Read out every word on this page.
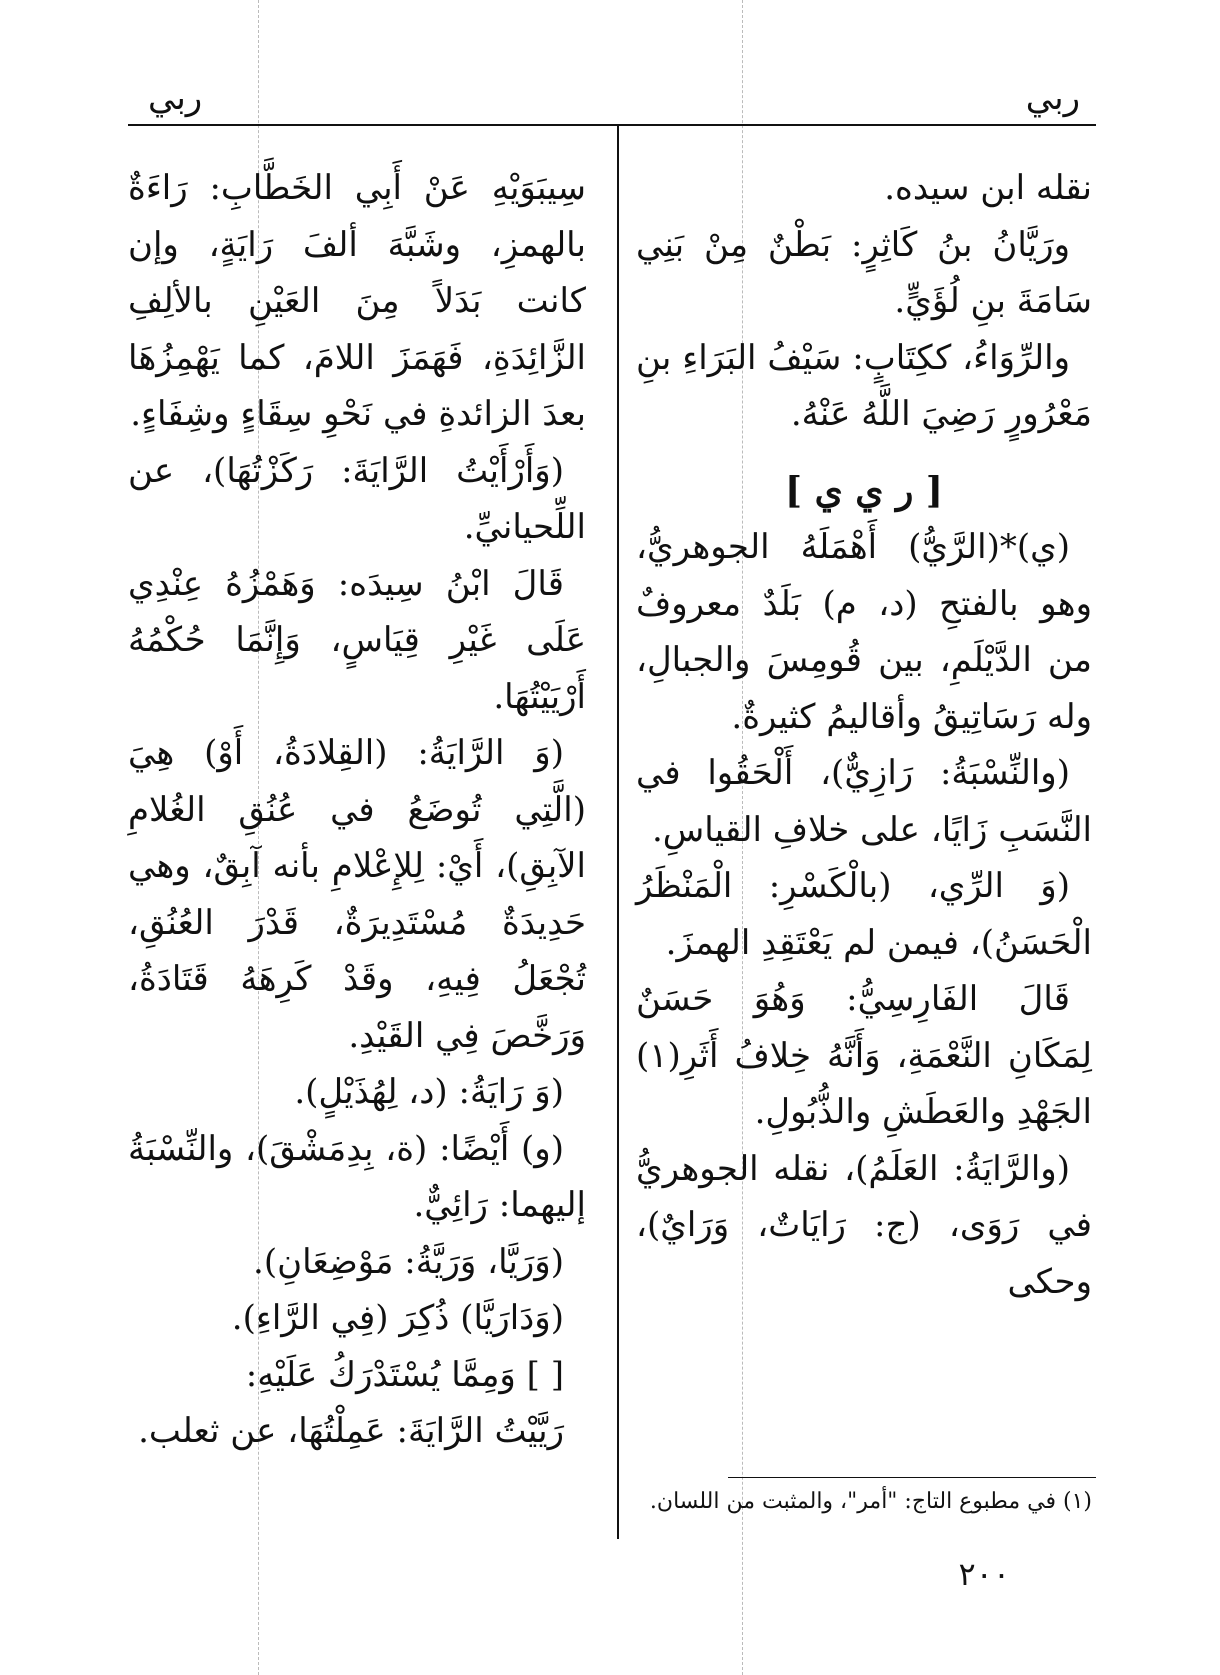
ربي
ربي

نقله ابن سيده.

ورَيَّانُ بنُ كَاثِرٍ: بَطْنٌ مِنْ بَنِي سَامَةَ بنِ لُؤَيٍّ.

والرِّوَاءُ، ككِتَابٍ: سَيْفُ البَرَاءِ بنِ مَعْرُورٍ رَضِيَ اللَّهُ عَنْهُ.

[ ر ي ي ]

(ي)*(الرَّيُّ) أَهْمَلَهُ الجوهريُّ، وهو بالفتحِ (د، م) بَلَدٌ معروفٌ من الدَّيْلَمِ، بين قُومِسَ والجبالِ، وله رَسَاتِيقُ وأقاليمُ كثيرةٌ.

(والنِّسْبَةُ: رَازِيٌّ)، أَلْحَقُوا في النَّسَبِ زَايًا، على خلافِ القياسِ.

(وَ الرِّي، (بالْكَسْرِ: الْمَنْظَرُ الْحَسَنُ)، فيمن لم يَعْتَقِدِ الهمزَ.

قَالَ الفَارِسِيُّ: وَهُوَ حَسَنٌ لِمَكَانِ النَّعْمَةِ، وَأَنَّهُ خِلافُ أَثَرِ(١) الجَهْدِ والعَطَشِ والذُّبُولِ.

(والرَّايَةُ: العَلَمُ)، نقله الجوهريُّ في رَوَى، (ج: رَايَاتٌ، وَرَايٌ)، وحكى

سِيبَوَيْهِ عَنْ أَبِي الخَطَّابِ: رَاءَةٌ بالهمزِ، وشَبَّهَ ألفَ رَايَةٍ، وإن كانت بَدَلاً مِنَ العَيْنِ بالألِفِ الزَّائِدَةِ، فَهَمَزَ اللامَ، كما يَهْمِزُهَا بعدَ الزائدةِ في نَحْوِ سِقَاءٍ وشِفَاءٍ.

(وَأَرْأَيْتُ الرَّايَةَ: رَكَزْتُهَا)، عن اللِّحيانيِّ.

قَالَ ابْنُ سِيدَه: وَهَمْزُهُ عِنْدِي عَلَى غَيْرِ قِيَاسٍ، وَإِنَّمَا حُكْمُهُ أَرْيَيْتُهَا.

(وَ الرَّايَةُ: (القِلادَةُ، أَوْ) هِيَ (الَّتِي تُوضَعُ في عُنُقِ الغُلامِ الآبِقِ)، أَيْ: لِلإِعْلامِ بأنه آبِقٌ، وهي حَدِيدَةٌ مُسْتَدِيرَةٌ، قَدْرَ العُنُقِ، تُجْعَلُ فِيهِ، وقَدْ كَرِهَهُ قَتَادَةُ، وَرَخَّصَ فِي القَيْدِ.

(وَ رَايَةُ: (د، لِهُذَيْلٍ).

(و) أَيْضًا: (ة، بِدِمَشْقَ)، والنِّسْبَةُ إليهما: رَائِيٌّ.

(وَرَيَّا، وَرَيَّةُ: مَوْضِعَانِ).

(وَدَارَيَّا) ذُكِرَ (فِي الرَّاءِ).

[ ] وَمِمَّا يُسْتَدْرَكُ عَلَيْهِ:

رَيَّيْتُ الرَّايَةَ: عَمِلْتُهَا، عن ثعلب.

(١) في مطبوع التاج: "أمر"، والمثبت من اللسان.
٢٠٠
